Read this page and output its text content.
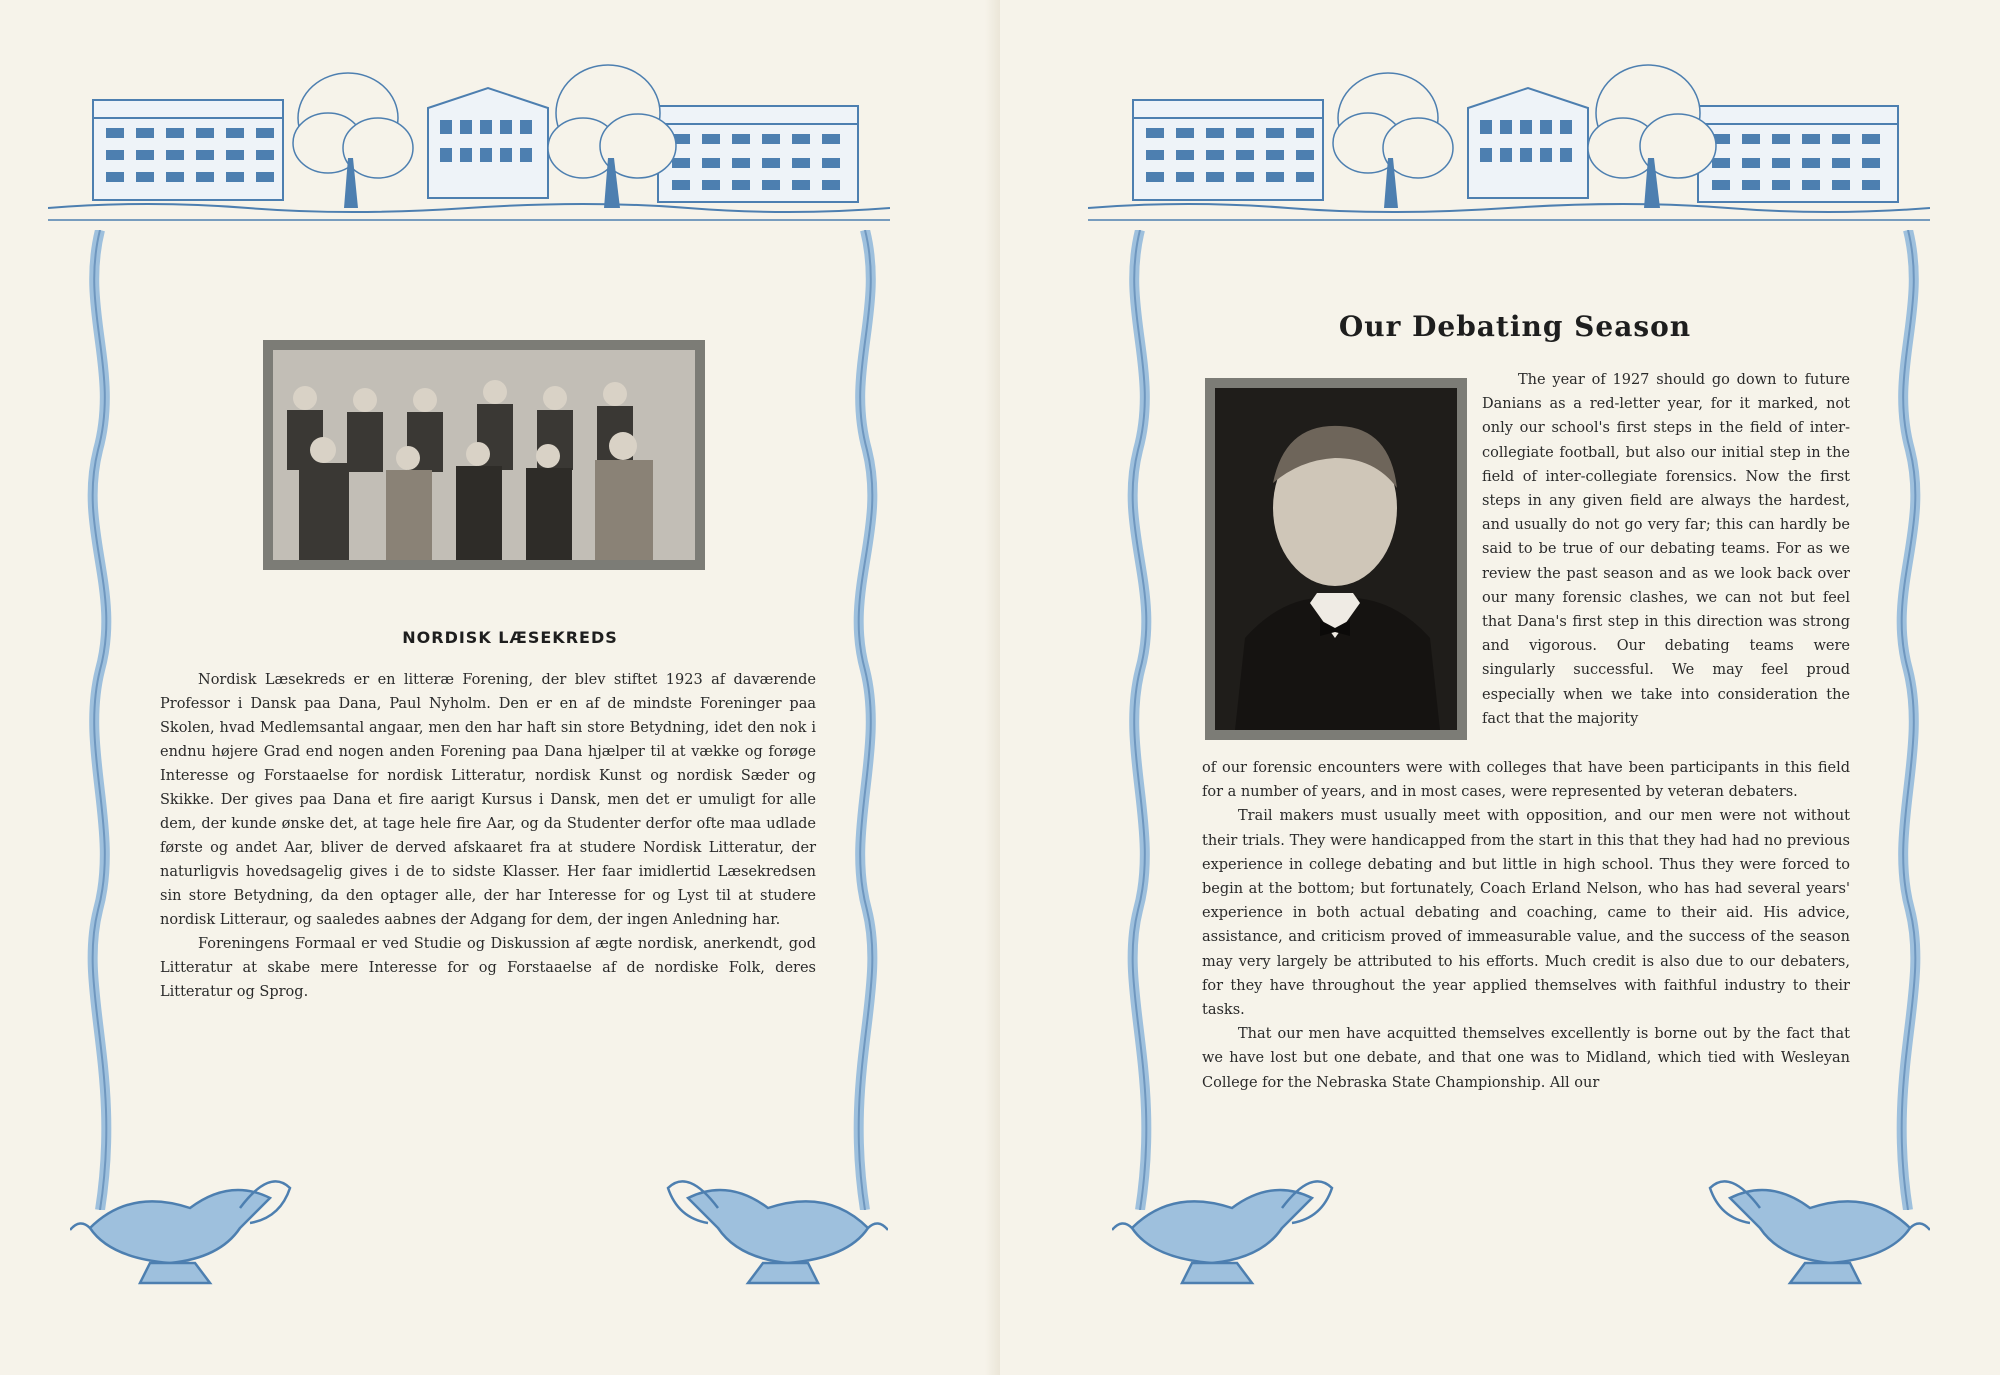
NORDISK LÆSEKREDS

Nordisk Læsekreds er en litteræ Forening, der blev stiftet 1923 af daværende Professor i Dansk paa Dana, Paul Nyholm. Den er en af de mindste Foreninger paa Skolen, hvad Medlemsantal angaar, men den har haft sin store Betydning, idet den nok i endnu højere Grad end nogen anden Forening paa Dana hjælper til at vække og forøge Interesse og Forstaaelse for nordisk Litteratur, nordisk Kunst og nordisk Sæder og Skikke. Der gives paa Dana et fire aarigt Kursus i Dansk, men det er umuligt for alle dem, der kunde ønske det, at tage hele fire Aar, og da Studenter derfor ofte maa udlade første og andet Aar, bliver de derved afskaaret fra at studere Nordisk Litteratur, der naturligvis hovedsagelig gives i de to sidste Klasser. Her faar imidlertid Læsekredsen sin store Betydning, da den optager alle, der har Interesse for og Lyst til at studere nordisk Litteraur, og saaledes aabnes der Adgang for dem, der ingen Anledning har.

Foreningens Formaal er ved Studie og Diskussion af ægte nordisk, anerkendt, god Litteratur at skabe mere Interesse for og Forstaaelse af de nordiske Folk, deres Litteratur og Sprog.

Our Debating Season

The year of 1927 should go down to future Danians as a red-letter year, for it marked, not only our school's first steps in the field of inter-collegiate football, but also our initial step in the field of inter-collegiate forensics. Now the first steps in any given field are always the hardest, and usually do not go very far; this can hardly be said to be true of our debating teams. For as we review the past season and as we look back over our many forensic clashes, we can not but feel that Dana's first step in this direction was strong and vigorous. Our debating teams were singularly successful. We may feel proud especially when we take into consideration the fact that the majority

of our forensic encounters were with colleges that have been participants in this field for a number of years, and in most cases, were represented by veteran debaters.

Trail makers must usually meet with opposition, and our men were not without their trials. They were handicapped from the start in this that they had had no previous experience in college debating and but little in high school. Thus they were forced to begin at the bottom; but fortunately, Coach Erland Nelson, who has had several years' experience in both actual debating and coaching, came to their aid. His advice, assistance, and criticism proved of immeasurable value, and the success of the season may very largely be attributed to his efforts. Much credit is also due to our debaters, for they have throughout the year applied themselves with faithful industry to their tasks.

That our men have acquitted themselves excellently is borne out by the fact that we have lost but one debate, and that one was to Midland, which tied with Wesleyan College for the Nebraska State Championship. All our
